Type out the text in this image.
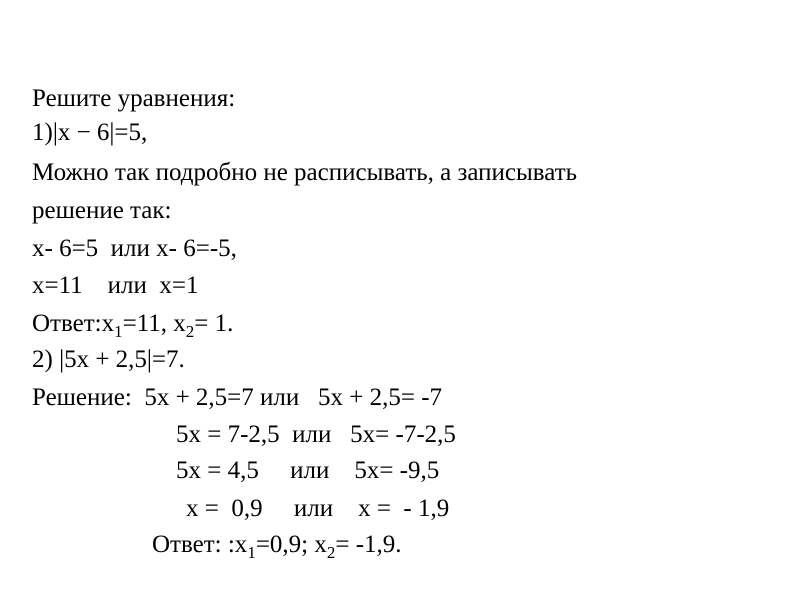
Решите уравнения:
1)|x − 6|=5,
Можно так подробно не расписывать, а записывать
решение так:
x- 6=5  или x- 6=-5,
x=11    или  x=1
$Ответ:x_1=11$, $x_2= 1$.
2) |5x + 2,5|=7.
Решение:  5x + 2,5=7 или   5x + 2,5= -7
5x = 7-2,5  или   5x= -7-2,5
5x = 4,5     или    5x= -9,5
x =  0,9     или    x =  - 1,9
Ответ: $:x_1=0,9$; $x_2= -1,9$.
